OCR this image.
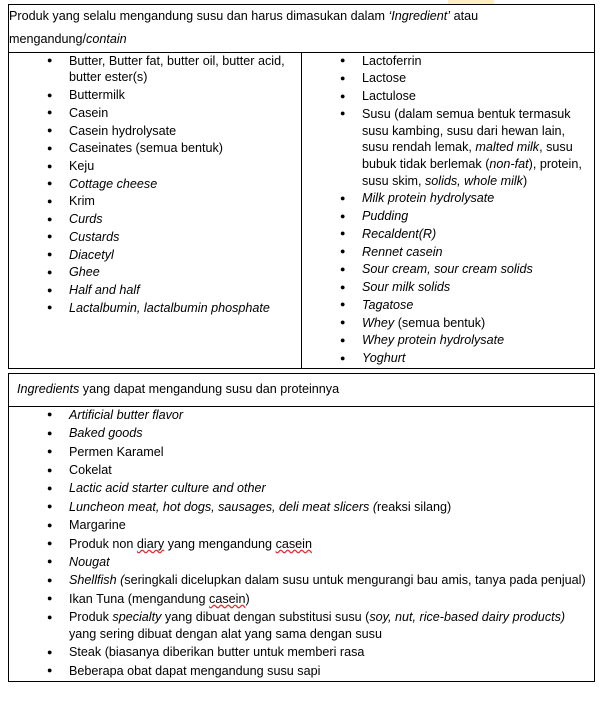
Produk yang selalu mengandung susu dan harus dimasukan dalam ‘Ingredient’ atau mengandung/contain

● Butter, Butter fat, butter oil, butter acid, butter ester(s)
● Buttermilk
● Casein
● Casein hydrolysate
● Caseinates (semua bentuk)
● Keju
● Cottage cheese
● Krim
● Curds
● Custards
● Diacetyl
● Ghee
● Half and half
● Lactalbumin, lactalbumin phosphate

● Lactoferrin
● Lactose
● Lactulose
● Susu (dalam semua bentuk termasuk susu kambing, susu dari hewan lain, susu rendah lemak, malted milk, susu bubuk tidak berlemak (non-fat), protein, susu skim, solids, whole milk)
● Milk protein hydrolysate
● Pudding
● Recaldent(R)
● Rennet casein
● Sour cream, sour cream solids
● Sour milk solids
● Tagatose
● Whey (semua bentuk)
● Whey protein hydrolysate
● Yoghurt
Ingredients yang dapat mengandung susu dan proteinnya

● Artificial butter flavor
● Baked goods
● Permen Karamel
● Cokelat
● Lactic acid starter culture and other
● Luncheon meat, hot dogs, sausages, deli meat slicers (reaksi silang)
● Margarine
● Produk non diary yang mengandung casein
● Nougat
● Shellfish (seringkali dicelupkan dalam susu untuk mengurangi bau amis, tanya pada penjual)
● Ikan Tuna (mengandung casein)
● Produk specialty yang dibuat dengan substitusi susu (soy, nut, rice-based dairy products) yang sering dibuat dengan alat yang sama dengan susu
● Steak (biasanya diberikan butter untuk memberi rasa
● Beberapa obat dapat mengandung susu sapi
